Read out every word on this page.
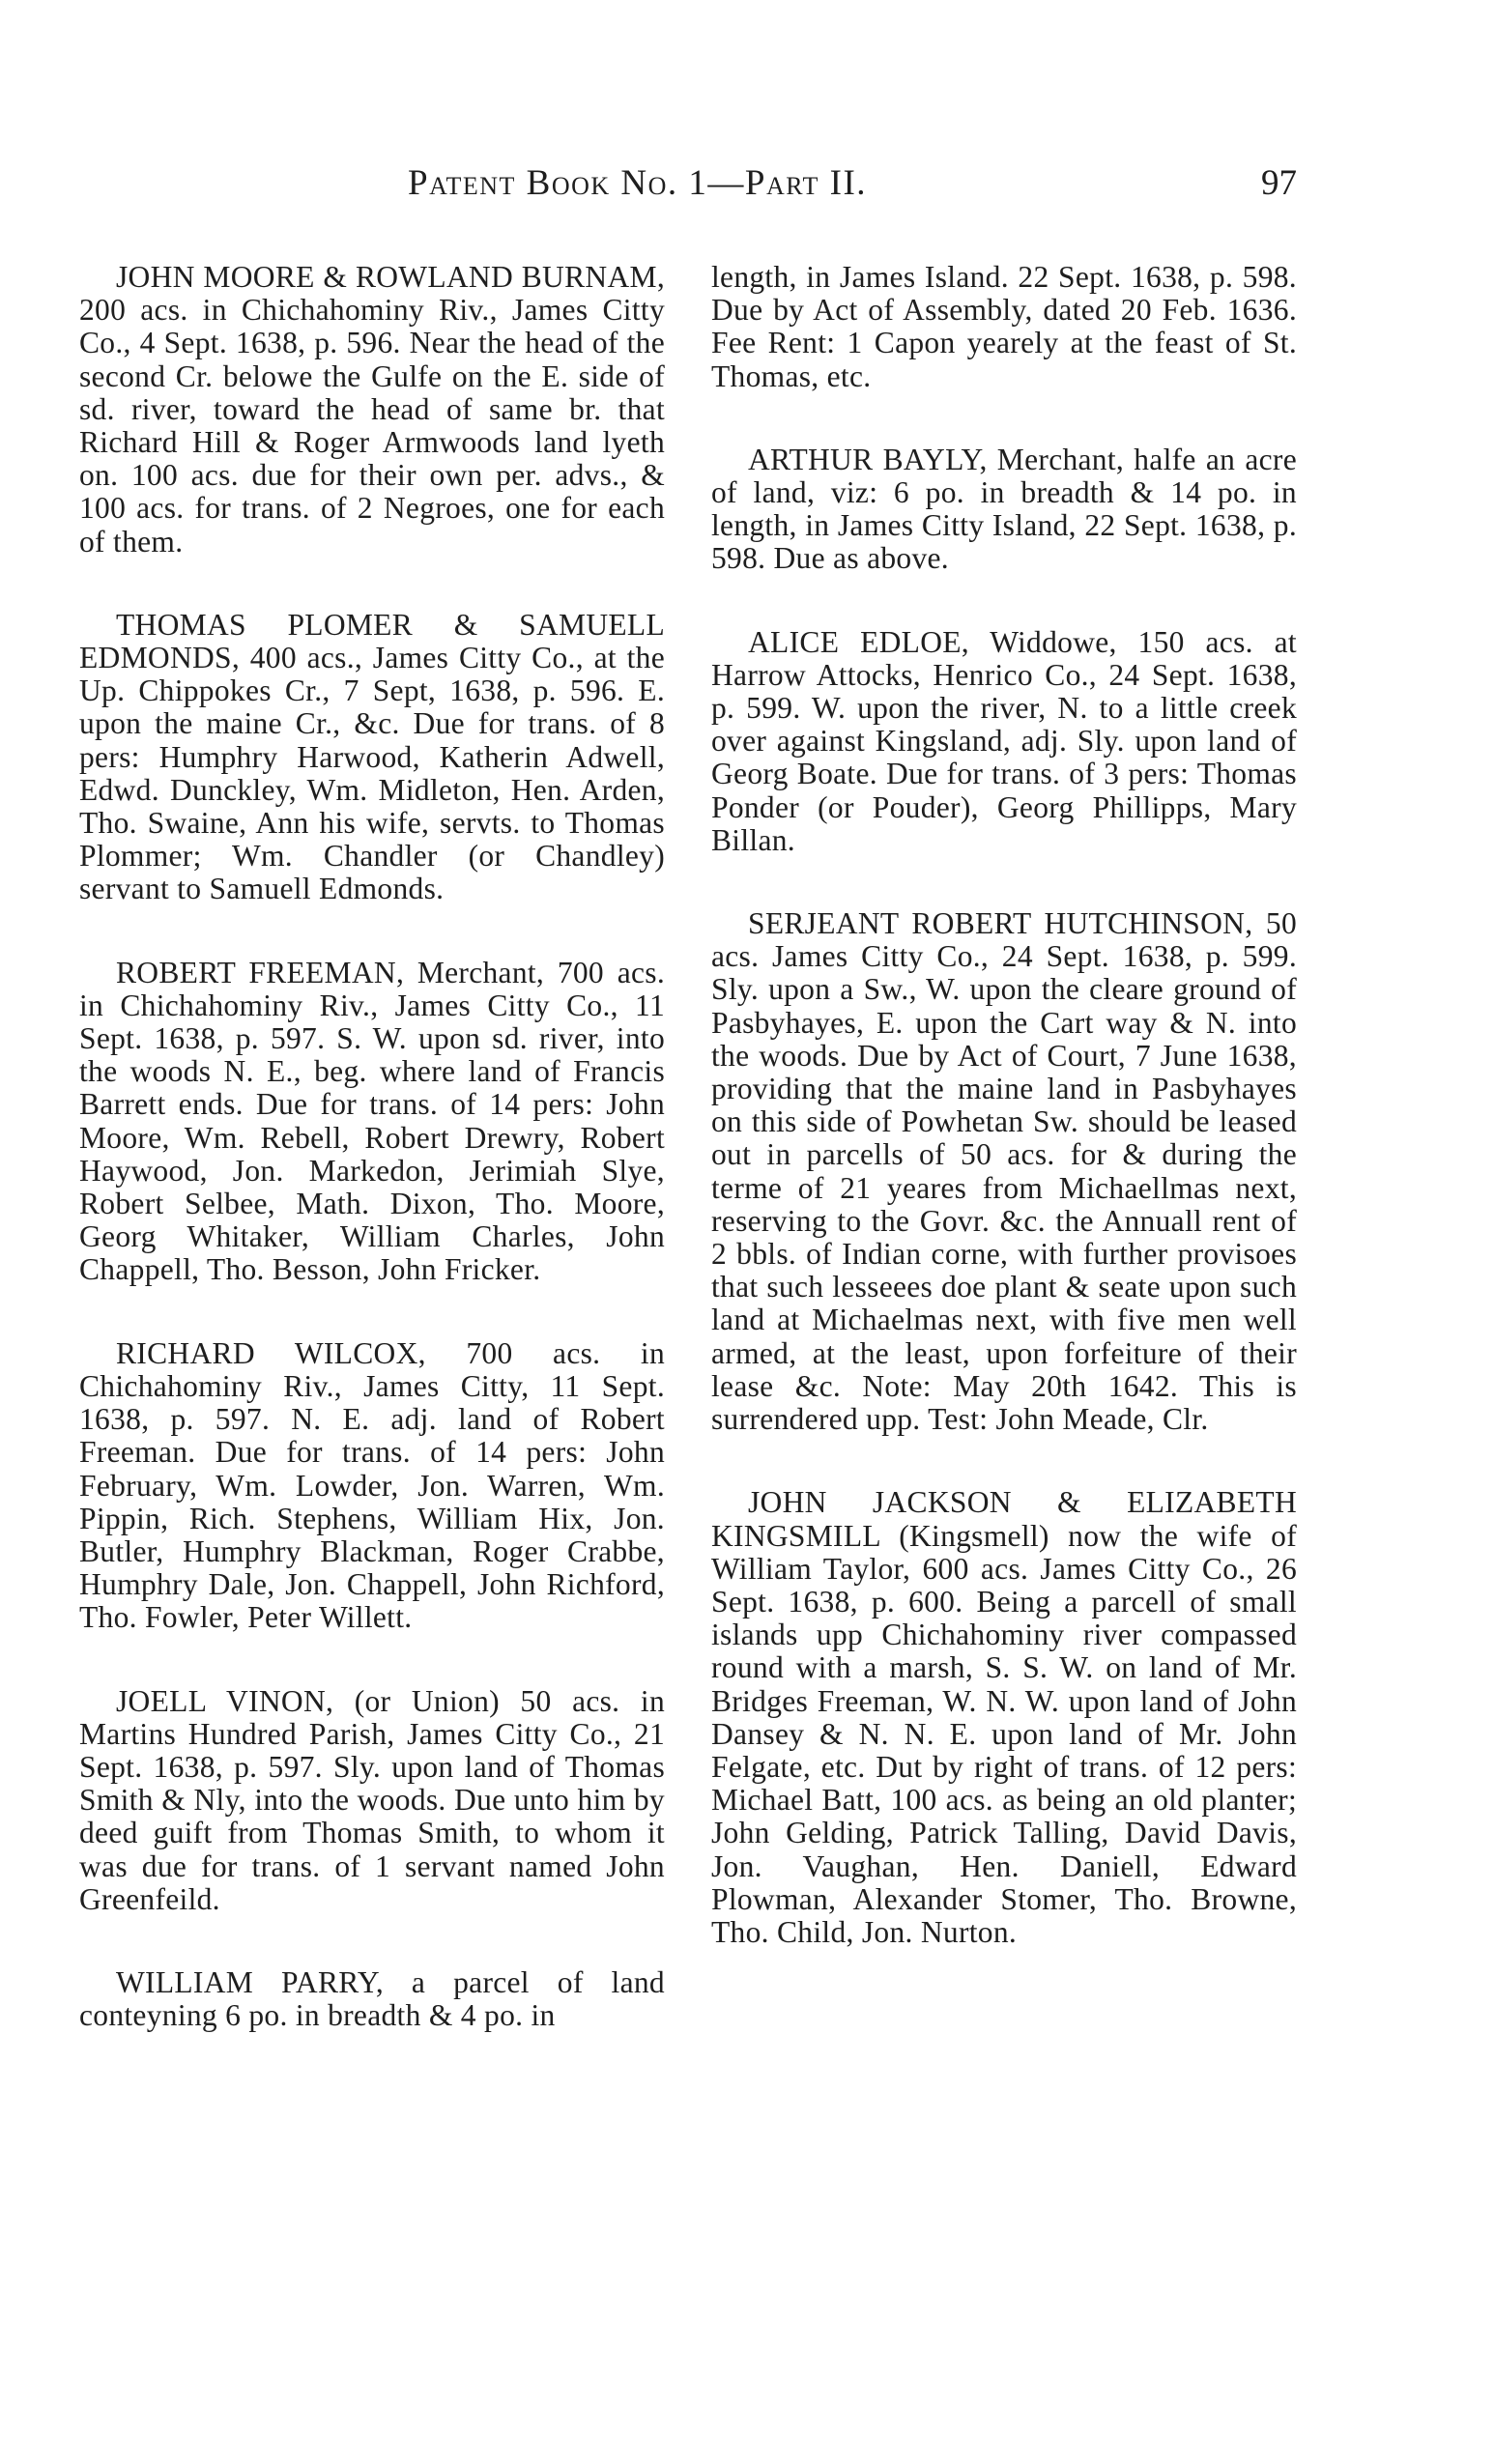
Patent Book No. 1—Part II.	97

JOHN MOORE & ROWLAND BURNAM, 200 acs. in Chichahominy Riv., James Citty Co., 4 Sept. 1638, p. 596. Near the head of the second Cr. belowe the Gulfe on the E. side of sd. river, toward the head of same br. that Richard Hill & Roger Armwoods land lyeth on. 100 acs. due for their own per. advs., & 100 acs. for trans. of 2 Negroes, one for each of them.

THOMAS PLOMER & SAMUELL EDMONDS, 400 acs., James Citty Co., at the Up. Chippokes Cr., 7 Sept, 1638, p. 596. E. upon the maine Cr., &c. Due for trans. of 8 pers: Humphry Harwood, Katherin Adwell, Edwd. Dunckley, Wm. Midleton, Hen. Arden, Tho. Swaine, Ann his wife, servts. to Thomas Plommer; Wm. Chandler (or Chandley) servant to Samuell Edmonds.

ROBERT FREEMAN, Merchant, 700 acs. in Chichahominy Riv., James Citty Co., 11 Sept. 1638, p. 597. S. W. upon sd. river, into the woods N. E., beg. where land of Francis Barrett ends. Due for trans. of 14 pers: John Moore, Wm. Rebell, Robert Drewry, Robert Haywood, Jon. Markedon, Jerimiah Slye, Robert Selbee, Math. Dixon, Tho. Moore, Georg Whitaker, William Charles, John Chappell, Tho. Besson, John Fricker.

RICHARD WILCOX, 700 acs. in Chichahominy Riv., James Citty, 11 Sept. 1638, p. 597. N. E. adj. land of Robert Freeman. Due for trans. of 14 pers: John February, Wm. Lowder, Jon. Warren, Wm. Pippin, Rich. Stephens, William Hix, Jon. Butler, Humphry Blackman, Roger Crabbe, Humphry Dale, Jon. Chappell, John Richford, Tho. Fowler, Peter Willett.

JOELL VINON, (or Union) 50 acs. in Martins Hundred Parish, James Citty Co., 21 Sept. 1638, p. 597. Sly. upon land of Thomas Smith & Nly, into the woods. Due unto him by deed guift from Thomas Smith, to whom it was due for trans. of 1 servant named John Greenfeild.

WILLIAM PARRY, a parcel of land conteyning 6 po. in breadth & 4 po. in

length, in James Island. 22 Sept. 1638, p. 598. Due by Act of Assembly, dated 20 Feb. 1636. Fee Rent: 1 Capon yearely at the feast of St. Thomas, etc.

ARTHUR BAYLY, Merchant, halfe an acre of land, viz: 6 po. in breadth & 14 po. in length, in James Citty Island, 22 Sept. 1638, p. 598. Due as above.

ALICE EDLOE, Widdowe, 150 acs. at Harrow Attocks, Henrico Co., 24 Sept. 1638, p. 599. W. upon the river, N. to a little creek over against Kingsland, adj. Sly. upon land of Georg Boate. Due for trans. of 3 pers: Thomas Ponder (or Pouder), Georg Phillipps, Mary Billan.

SERJEANT ROBERT HUTCHINSON, 50 acs. James Citty Co., 24 Sept. 1638, p. 599. Sly. upon a Sw., W. upon the cleare ground of Pasbyhayes, E. upon the Cart way & N. into the woods. Due by Act of Court, 7 June 1638, providing that the maine land in Pasbyhayes on this side of Powhetan Sw. should be leased out in parcells of 50 acs. for & during the terme of 21 yeares from Michaellmas next, reserving to the Govr. &c. the Annuall rent of 2 bbls. of Indian corne, with further provisoes that such lesseees doe plant & seate upon such land at Michaelmas next, with five men well armed, at the least, upon forfeiture of their lease &c. Note: May 20th 1642. This is surrendered upp. Test: John Meade, Clr.

JOHN JACKSON & ELIZABETH KINGSMILL (Kingsmell) now the wife of William Taylor, 600 acs. James Citty Co., 26 Sept. 1638, p. 600. Being a parcell of small islands upp Chichahominy river compassed round with a marsh, S. S. W. on land of Mr. Bridges Freeman, W. N. W. upon land of John Dansey & N. N. E. upon land of Mr. John Felgate, etc. Dut by right of trans. of 12 pers: Michael Batt, 100 acs. as being an old planter; John Gelding, Patrick Talling, David Davis, Jon. Vaughan, Hen. Daniell, Edward Plowman, Alexander Stomer, Tho. Browne, Tho. Child, Jon. Nurton.
